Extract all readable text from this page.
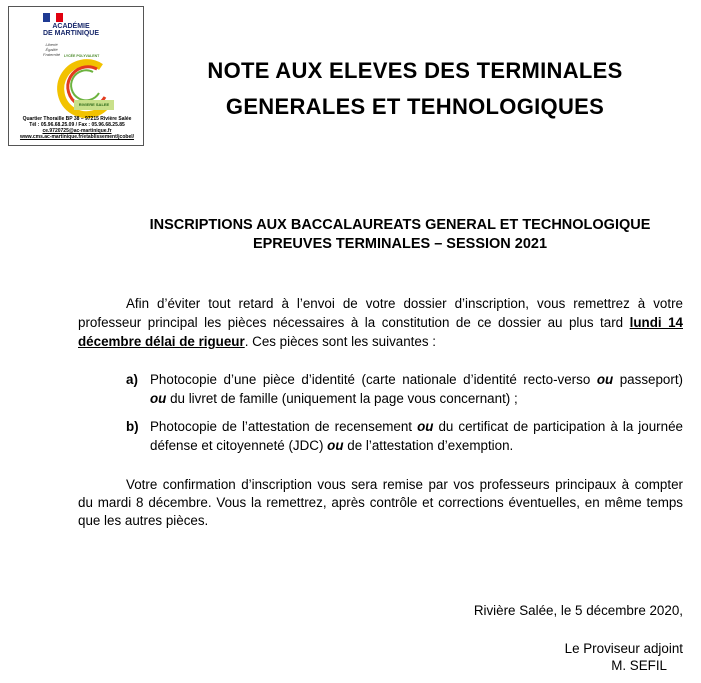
ACADÉMIE
DE MARTINIQUE
Liberté
Égalité
Fraternité LYCÉE POLYVALENT
RIVIERE SALEE
Quartier Thoraille BP 38 – 97215 Rivière Salée
Tél : 05.96.68.25.09 / Fax : 05.96.68.25.85
ce.9720725@ac-martinique.fr
www.cms.ac-martinique.fr/etablissement/jcobel/
NOTE AUX ELEVES DES TERMINALES
GENERALES ET TEHNOLOGIQUES
INSCRIPTIONS AUX BACCALAUREATS GENERAL ET TECHNOLOGIQUE
EPREUVES TERMINALES – SESSION 2021
Afin d’éviter tout retard à l’envoi de votre dossier d’inscription, vous remettrez à votre
professeur principal les pièces nécessaires à la constitution de ce dossier au plus tard lundi 14
décembre délai de rigueur. Ces pièces sont les suivantes :
a) Photocopie d’une pièce d’identité (carte nationale d’identité recto-verso ou passeport)
ou du livret de famille (uniquement la page vous concernant) ;
b) Photocopie de l’attestation de recensement ou du certificat de participation à la journée
défense et citoyenneté (JDC) ou de l’attestation d’exemption.
Votre confirmation d’inscription vous sera remise par vos professeurs principaux à compter
du mardi 8 décembre. Vous la remettrez, après contrôle et corrections éventuelles, en même temps
que les autres pièces.
Rivière Salée, le 5 décembre 2020,
Le Proviseur adjoint
M. SEFIL
